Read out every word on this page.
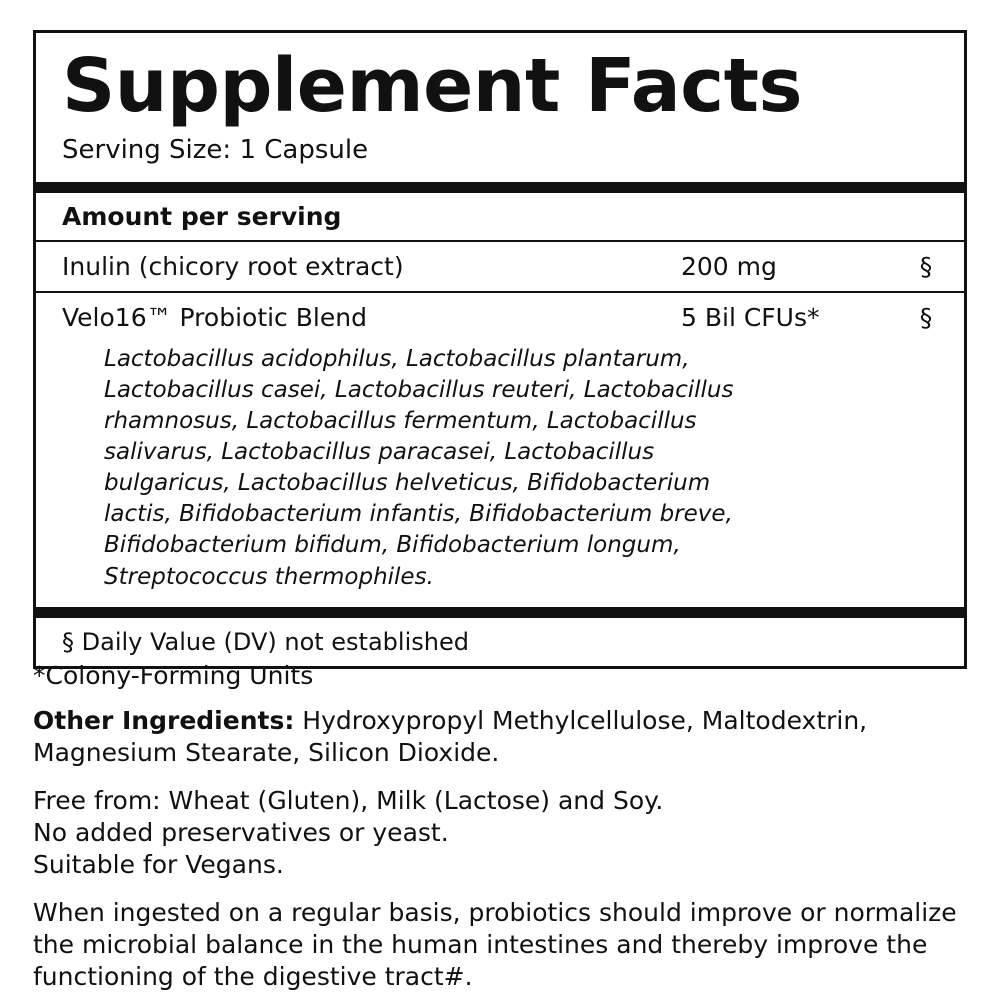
Supplement Facts
Serving Size: 1 Capsule
Amount per serving
Inulin (chicory root extract)	200 mg	§
Velo16™ Probiotic Blend	5 Bil CFUs*	§
Lactobacillus acidophilus, Lactobacillus plantarum, Lactobacillus casei, Lactobacillus reuteri, Lactobacillus rhamnosus, Lactobacillus fermentum, Lactobacillus salivarus, Lactobacillus paracasei, Lactobacillus bulgaricus, Lactobacillus helveticus, Bifidobacterium lactis, Bifidobacterium infantis, Bifidobacterium breve, Bifidobacterium bifidum, Bifidobacterium longum, Streptococcus thermophiles.
§ Daily Value (DV) not established
*Colony-Forming Units
Other Ingredients: Hydroxypropyl Methylcellulose, Maltodextrin, Magnesium Stearate, Silicon Dioxide.
Free from: Wheat (Gluten), Milk (Lactose) and Soy.
No added preservatives or yeast.
Suitable for Vegans.
When ingested on a regular basis, probiotics should improve or normalize the microbial balance in the human intestines and thereby improve the functioning of the digestive tract#.
